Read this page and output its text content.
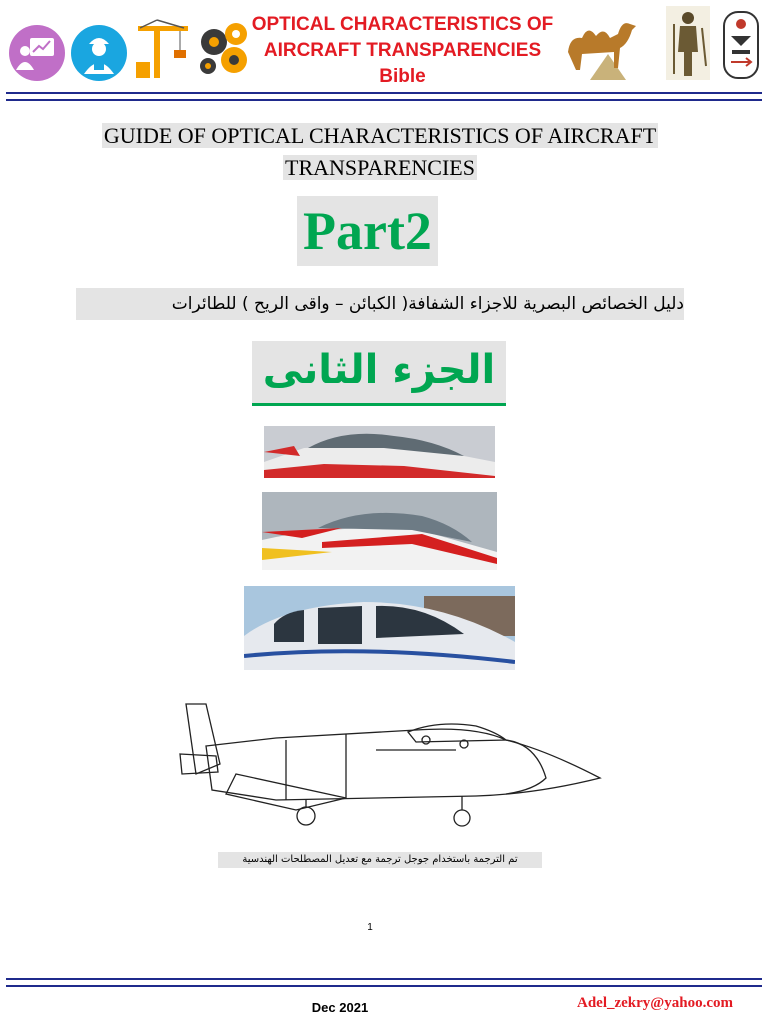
OPTICAL CHARACTERISTICS OF
AIRCRAFT TRANSPARENCIES
Bible
GUIDE OF OPTICAL CHARACTERISTICS OF AIRCRAFT
TRANSPARENCIES
Part2
دليل الخصائص البصرية للاجزاء الشفافة( الكبائن – واقى الريح ) للطائرات
الجزء الثانى
تم الترجمة باستخدام جوجل ترجمة مع تعديل المصطلحات الهندسية
1
Dec 2021	Adel_zekry@yahoo.com
